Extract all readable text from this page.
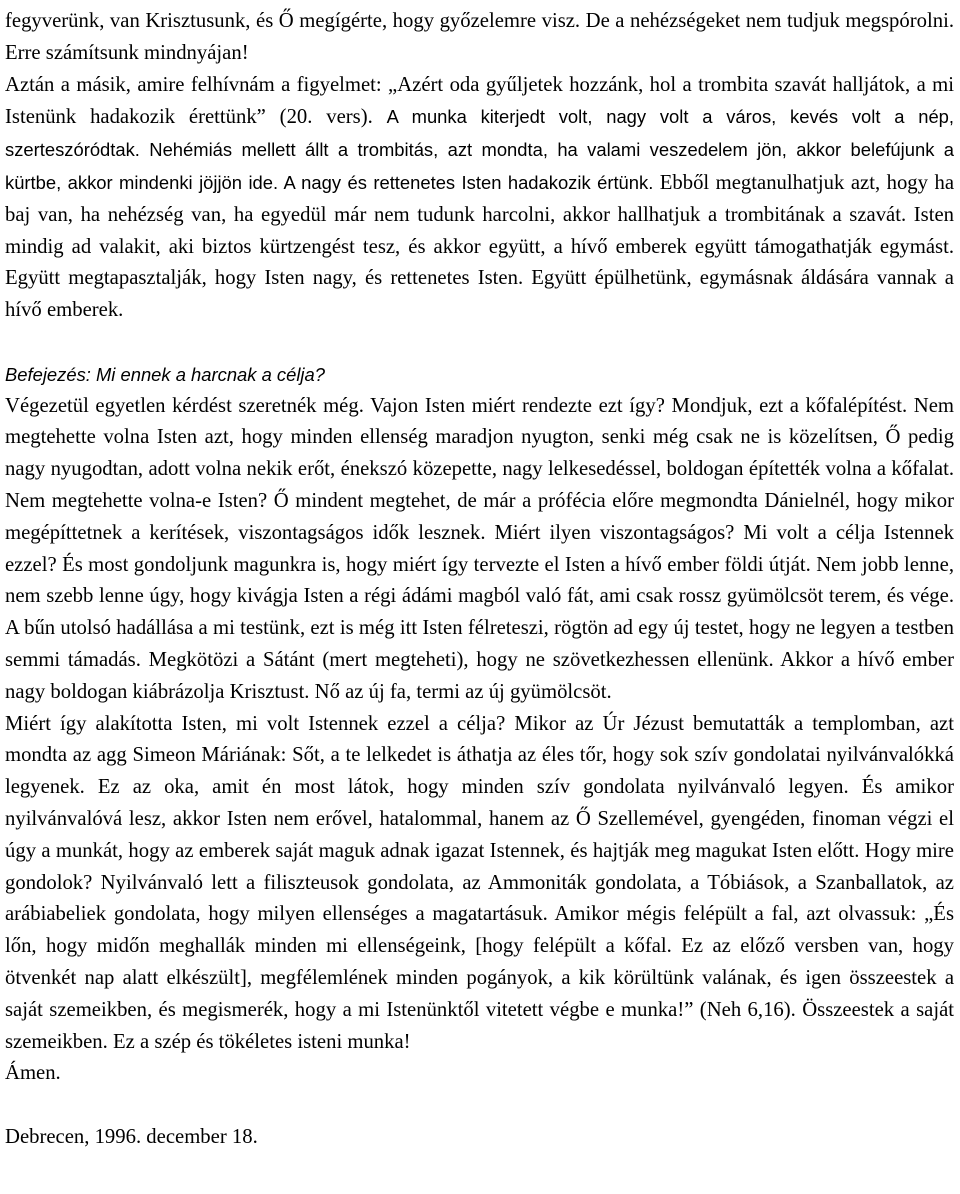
fegyverünk, van Krisztusunk, és Ő megígérte, hogy győzelemre visz. De a nehézségeket nem tudjuk megspórolni. Erre számítsunk mindnyájan!

Aztán a másik, amire felhívnám a figyelmet: „Azért oda gyűljetek hozzánk, hol a trombita szavát halljátok, a mi Istenünk hadakozik érettünk” (20. vers). A munka kiterjedt volt, nagy volt a város, kevés volt a nép, szerteszóródtak. Nehémiás mellett állt a trombitás, azt mondta, ha valami veszedelem jön, akkor belefújunk a kürtbe, akkor mindenki jöjjön ide. A nagy és rettenetes Isten hadakozik értünk. Ebből megtanulhatjuk azt, hogy ha baj van, ha nehézség van, ha egyedül már nem tudunk harcolni, akkor hallhatjuk a trombitának a szavát. Isten mindig ad valakit, aki biztos kürtzengést tesz, és akkor együtt, a hívő emberek együtt támogathatják egymást. Együtt megtapasztalják, hogy Isten nagy, és rettenetes Isten. Együtt épülhetünk, egymásnak áldására vannak a hívő emberek.

Befejezés: Mi ennek a harcnak a célja?

Végezetül egyetlen kérdést szeretnék még. Vajon Isten miért rendezte ezt így? Mondjuk, ezt a kőfalépítést. Nem megtehette volna Isten azt, hogy minden ellenség maradjon nyugton, senki még csak ne is közelítsen, Ő pedig nagy nyugodtan, adott volna nekik erőt, énekszó közepette, nagy lelkesedéssel, boldogan építették volna a kőfalat. Nem megtehette volna-e Isten? Ő mindent megtehet, de már a prófécia előre megmondta Dánielnél, hogy mikor megépíttetnek a kerítések, viszontagságos idők lesznek. Miért ilyen viszontagságos? Mi volt a célja Istennek ezzel? És most gondoljunk magunkra is, hogy miért így tervezte el Isten a hívő ember földi útját. Nem jobb lenne, nem szebb lenne úgy, hogy kivágja Isten a régi ádámi magból való fát, ami csak rossz gyümölcsöt terem, és vége. A bűn utolsó hadállása a mi testünk, ezt is még itt Isten félreteszi, rögtön ad egy új testet, hogy ne legyen a testben semmi támadás. Megkötözi a Sátánt (mert megteheti), hogy ne szövetkezhessen ellenünk. Akkor a hívő ember nagy boldogan kiábrázolja Krisztust. Nő az új fa, termi az új gyümölcsöt.

Miért így alakította Isten, mi volt Istennek ezzel a célja? Mikor az Úr Jézust bemutatták a templomban, azt mondta az agg Simeon Máriának: Sőt, a te lelkedet is áthatja az éles tőr, hogy sok szív gondolatai nyilvánvalókká legyenek. Ez az oka, amit én most látok, hogy minden szív gondolata nyilvánvaló legyen. És amikor nyilvánvalóvá lesz, akkor Isten nem erővel, hatalommal, hanem az Ő Szellemével, gyengéden, finoman végzi el úgy a munkát, hogy az emberek saját maguk adnak igazat Istennek, és hajtják meg magukat Isten előtt. Hogy mire gondolok? Nyilvánvaló lett a filiszteusok gondolata, az Ammoniták gondolata, a Tóbiások, a Szanballatok, az arábiabeliek gondolata, hogy milyen ellenséges a magatartásuk. Amikor mégis felépült a fal, azt olvassuk: „És lőn, hogy midőn meghallák minden mi ellenségeink, [hogy felépült a kőfal. Ez az előző versben van, hogy ötvenkét nap alatt elkészült], megfélemlének minden pogányok, a kik körültünk valának, és igen összeestek a saját szemeikben, és megismerék, hogy a mi Istenünktől vitetett végbe e munka!” (Neh 6,16). Összeestek a saját szemeikben. Ez a szép és tökéletes isteni munka!

Ámen.

Debrecen, 1996. december 18.
